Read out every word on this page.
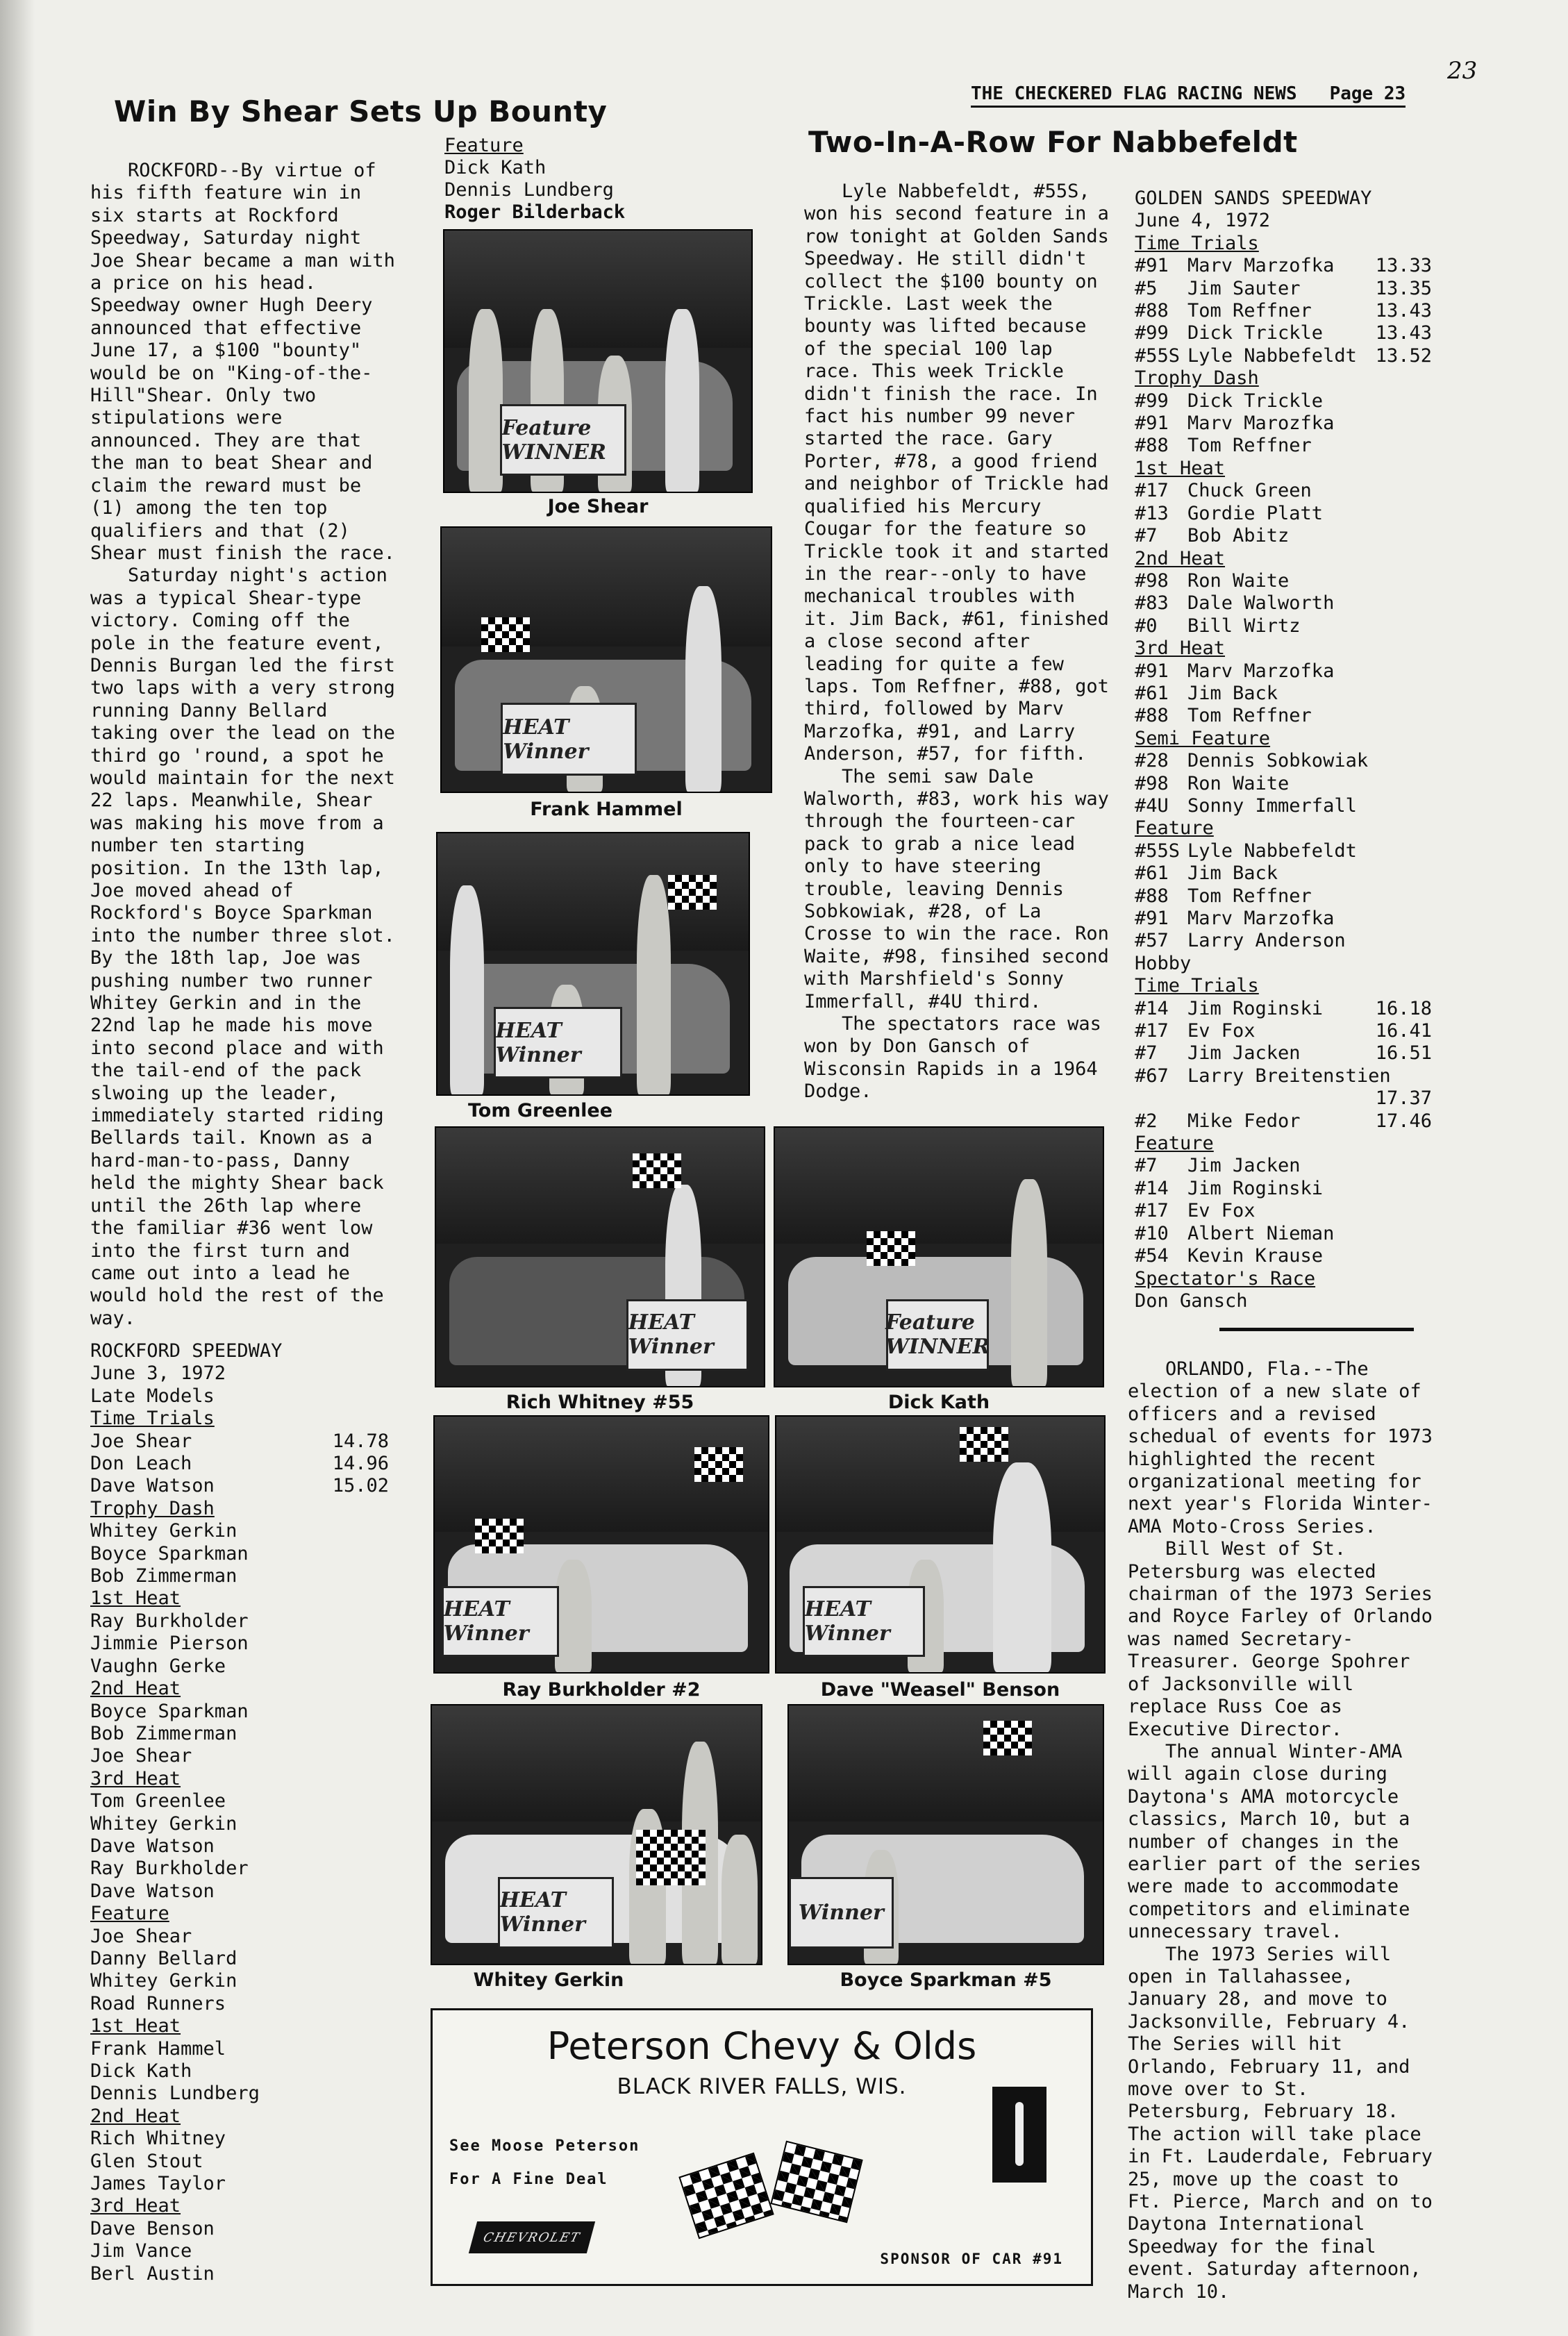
23
THE CHECKERED FLAG RACING NEWS Page 23
Win By Shear Sets Up Bounty

ROCKFORD--By virtue of his fifth feature win in six starts at Rockford Speedway, Saturday night Joe Shear became a man with a price on his head. Speedway owner Hugh Deery announced that effective June 17, a $100 "bounty" would be on "King-of-the-Hill"Shear. Only two stipulations were announced. They are that the man to beat Shear and claim the reward must be (1) among the ten top qualifiers and that (2) Shear must finish the race.

Saturday night's action was a typical Shear-type victory. Coming off the pole in the feature event, Dennis Burgan led the first two laps with a very strong running Danny Bellard taking over the lead on the third go 'round, a spot he would maintain for the next 22 laps. Meanwhile, Shear was making his move from a number ten starting position. In the 13th lap, Joe moved ahead of Rockford's Boyce Sparkman into the number three slot. By the 18th lap, Joe was pushing number two runner Whitey Gerkin and in the 22nd lap he made his move into second place and with the tail-end of the pack slwoing up the leader, immediately started riding Bellards tail. Known as a hard-man-to-pass, Danny held the mighty Shear back until the 26th lap where the familiar #36 went low into the first turn and came out into a lead he would hold the rest of the way.

ROCKFORD SPEEDWAY
June 3, 1972
Late Models
Time Trials
Joe Shear	14.78
Don Leach	14.96
Dave Watson	15.02
Trophy Dash
Whitey Gerkin
Boyce Sparkman
Bob Zimmerman
1st Heat
Ray Burkholder
Jimmie Pierson
Vaughn Gerke
2nd Heat
Boyce Sparkman
Bob Zimmerman
Joe Shear
3rd Heat
Tom Greenlee
Whitey Gerkin
Dave Watson
Ray Burkholder
Dave Watson
Feature
Joe Shear
Danny Bellard
Whitey Gerkin
Road Runners
1st Heat
Frank Hammel
Dick Kath
Dennis Lundberg
2nd Heat
Rich Whitney
Glen Stout
James Taylor
3rd Heat
Dave Benson
Jim Vance
Berl Austin
Feature
Dick Kath
Dennis Lundberg
Roger Bilderback
Feature WINNER
Joe Shear
HEAT Winner
Frank Hammel
HEAT Winner
Tom Greenlee
HEAT Winner
Rich Whitney #55
Feature WINNER
Dick Kath
HEAT Winner
Ray Burkholder #2
HEAT Winner
Dave "Weasel" Benson
HEAT Winner
Whitey Gerkin
Winner
Boyce Sparkman #5
Peterson Chevy & Olds
BLACK RIVER FALLS, WIS.
See Moose Peterson
For A Fine Deal
CHEVROLET
SPONSOR OF CAR #91
Two-In-A-Row For Nabbefeldt

Lyle Nabbefeldt, #55S, won his second feature in a row tonight at Golden Sands Speedway. He still didn't collect the $100 bounty on Trickle. Last week the bounty was lifted because of the special 100 lap race. This week Trickle didn't finish the race. In fact his number 99 never started the race. Gary Porter, #78, a good friend and neighbor of Trickle had qualified his Mercury Cougar for the feature so Trickle took it and started in the rear--only to have mechanical troubles with it. Jim Back, #61, finished a close second after leading for quite a few laps. Tom Reffner, #88, got third, followed by Marv Marzofka, #91, and Larry Anderson, #57, for fifth.

The semi saw Dale Walworth, #83, work his way through the fourteen-car pack to grab a nice lead only to have steering trouble, leaving Dennis Sobkowiak, #28, of La Crosse to win the race. Ron Waite, #98, finsihed second with Marshfield's Sonny Immerfall, #4U third.

The spectators race was won by Don Gansch of Wisconsin Rapids in a 1964 Dodge.

GOLDEN SANDS SPEEDWAY
June 4, 1972
Time Trials
#91	Marv Marzofka	13.33
#5	Jim Sauter	13.35
#88	Tom Reffner	13.43
#99	Dick Trickle	13.43
#55S Lyle Nabbefeldt 13.52
Trophy Dash
#99	Dick Trickle
#91	Marv Marozfka
#88	Tom Reffner
1st Heat
#17	Chuck Green
#13	Gordie Platt
#7	Bob Abitz
2nd Heat
#98	Ron Waite
#83	Dale Walworth
#0	Bill Wirtz
3rd Heat
#91	Marv Marzofka
#61	Jim Back
#88	Tom Reffner
Semi Feature
#28	Dennis Sobkowiak
#98	Ron Waite
#4U	Sonny Immerfall
Feature
#55S Lyle Nabbefeldt
#61	Jim Back
#88	Tom Reffner
#91	Marv Marzofka
#57	Larry Anderson
Hobby
Time Trials
#14	Jim Roginski	16.18
#17	Ev Fox	16.41
#7	Jim Jacken	16.51
#67	Larry Breitenstien
17.37
#2	Mike Fedor	17.46
Feature
#7	Jim Jacken
#14	Jim Roginski
#17	Ev Fox
#10	Albert Nieman
#54	Kevin Krause
Spectator's Race
Don Gansch

ORLANDO, Fla.--The election of a new slate of officers and a revised schedual of events for 1973 highlighted the recent organizational meeting for next year's Florida Winter-AMA Moto-Cross Series.

Bill West of St. Petersburg was elected chairman of the 1973 Series and Royce Farley of Orlando was named Secretary-Treasurer. George Spohrer of Jacksonville will replace Russ Coe as Executive Director.

The annual Winter-AMA will again close during Daytona's AMA motorcycle classics, March 10, but a number of changes in the earlier part of the series were made to accommodate competitors and eliminate unnecessary travel.

The 1973 Series will open in Tallahassee, January 28, and move to Jacksonville, February 4. The Series will hit Orlando, February 11, and move over to St. Petersburg, February 18. The action will take place in Ft. Lauderdale, February 25, move up the coast to Ft. Pierce, March and on to Daytona International Speedway for the final event. Saturday afternoon, March 10.
